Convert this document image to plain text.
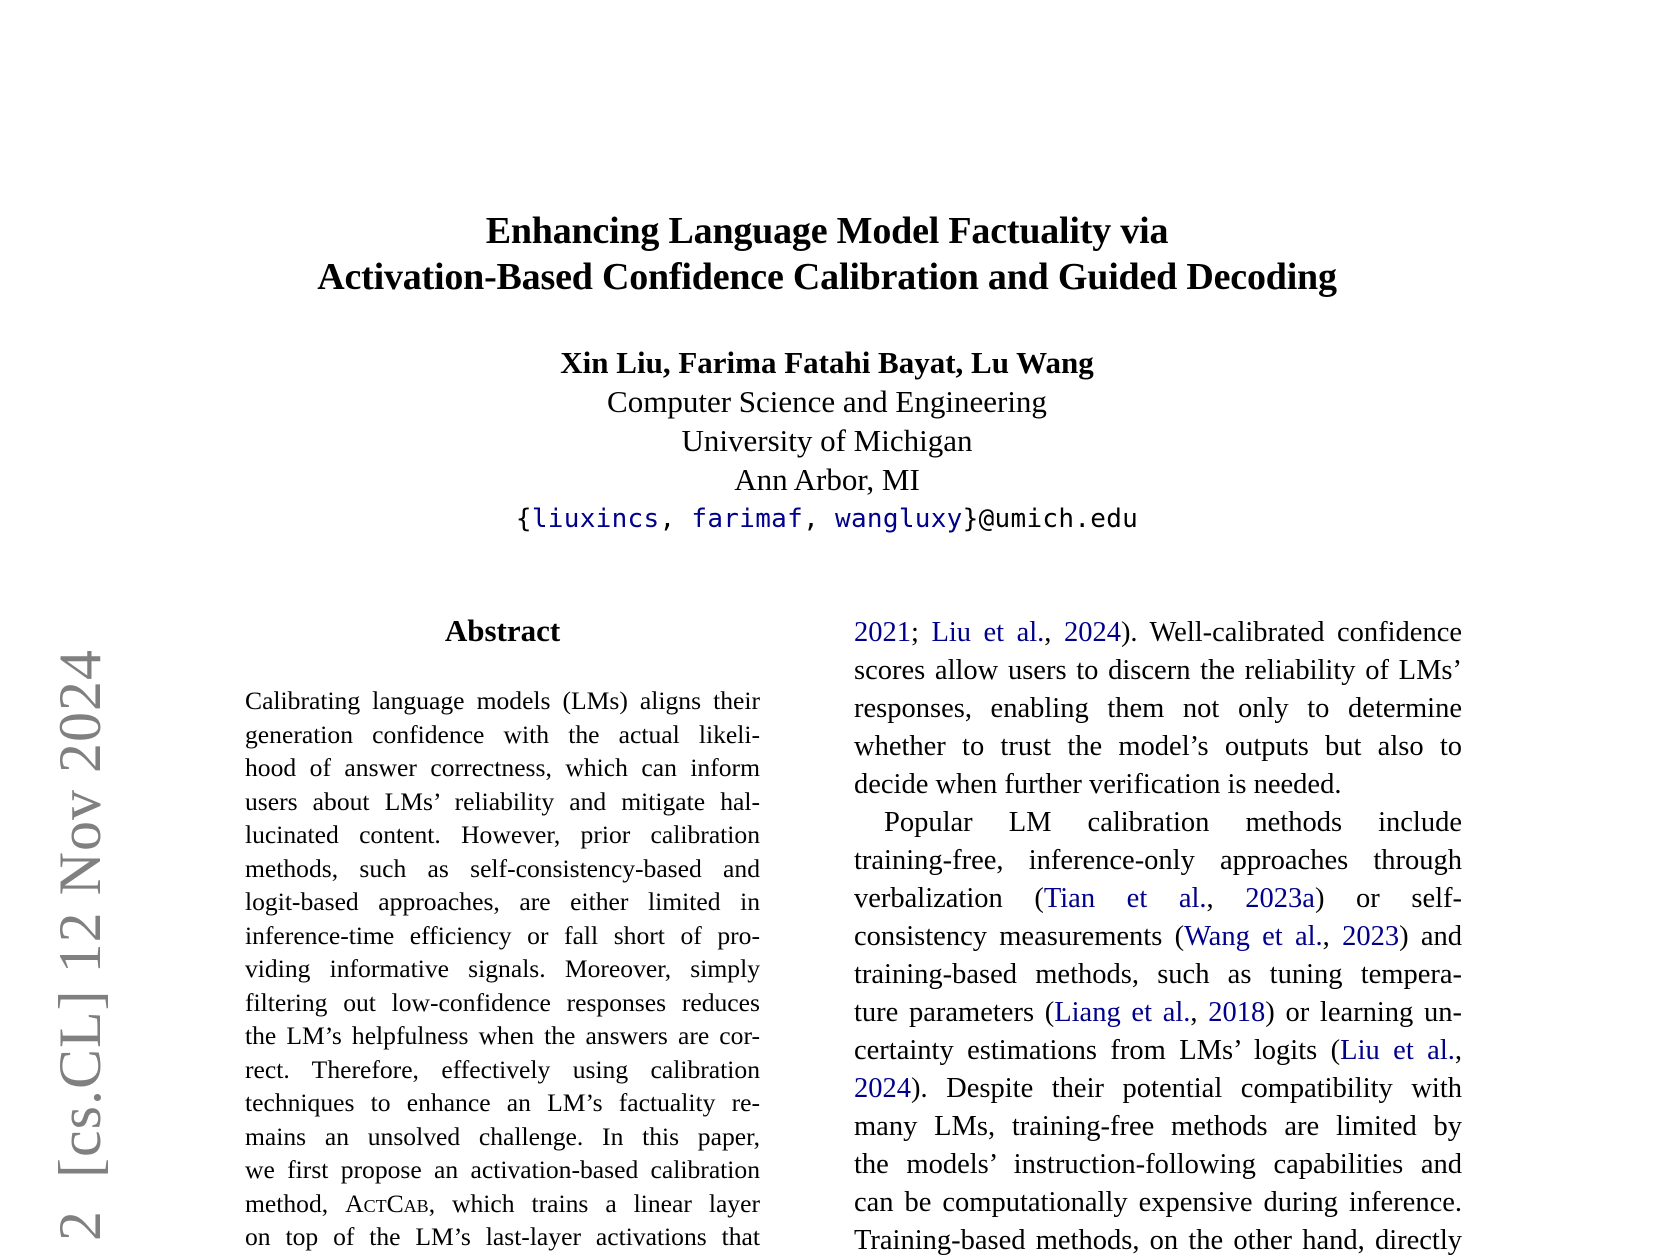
2  [cs.CL] 12 Nov 2024
Enhancing Language Model Factuality via
Activation-Based Confidence Calibration and Guided Decoding
Xin Liu, Farima Fatahi Bayat, Lu Wang
Computer Science and Engineering
University of Michigan
Ann Arbor, MI
{liuxincs, farimaf, wangluxy}@umich.edu
Abstract
Calibrating language models (LMs) aligns their
generation confidence with the actual likeli-
hood of answer correctness, which can inform
users about LMs’ reliability and mitigate hal-
lucinated content. However, prior calibration
methods, such as self-consistency-based and
logit-based approaches, are either limited in
inference-time efficiency or fall short of pro-
viding informative signals. Moreover, simply
filtering out low-confidence responses reduces
the LM’s helpfulness when the answers are cor-
rect. Therefore, effectively using calibration
techniques to enhance an LM’s factuality re-
mains an unsolved challenge. In this paper,
we first propose an activation-based calibration
method, ActCab, which trains a linear layer
on top of the LM’s last-layer activations that
2021; Liu et al., 2024). Well-calibrated confidence
scores allow users to discern the reliability of LMs’
responses, enabling them not only to determine
whether to trust the model’s outputs but also to
decide when further verification is needed.
Popular LM calibration methods include
training-free, inference-only approaches through
verbalization (Tian et al., 2023a) or self-
consistency measurements (Wang et al., 2023) and
training-based methods, such as tuning tempera-
ture parameters (Liang et al., 2018) or learning un-
certainty estimations from LMs’ logits (Liu et al.,
2024). Despite their potential compatibility with
many LMs, training-free methods are limited by
the models’ instruction-following capabilities and
can be computationally expensive during inference.
Training-based methods, on the other hand, directly
